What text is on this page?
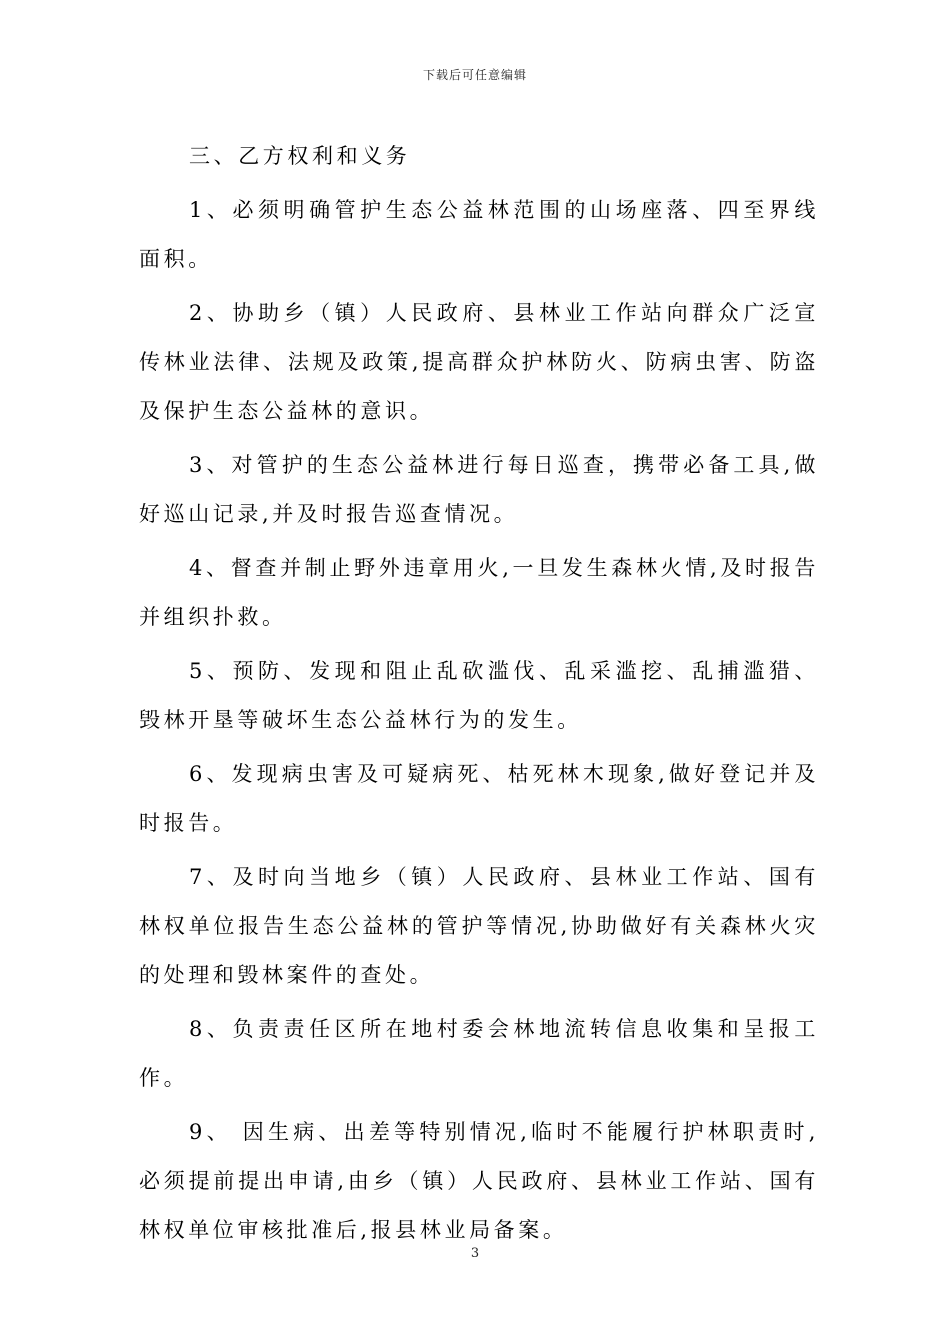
下载后可任意编辑

三、乙方权利和义务

1、必须明确管护生态公益林范围的山场座落、四至界线面积。

2、协助乡（镇）人民政府、县林业工作站向群众广泛宣传林业法律、法规及政策,提高群众护林防火、防病虫害、防盗及保护生态公益林的意识。

3、对管护的生态公益林进行每日巡查，携带必备工具,做好巡山记录,并及时报告巡查情况。

4、督查并制止野外违章用火,一旦发生森林火情,及时报告并组织扑救。

5、预防、发现和阻止乱砍滥伐、乱采滥挖、乱捕滥猎、毁林开垦等破坏生态公益林行为的发生。

6、发现病虫害及可疑病死、枯死林木现象,做好登记并及时报告。

7、及时向当地乡（镇）人民政府、县林业工作站、国有林权单位报告生态公益林的管护等情况,协助做好有关森林火灾的处理和毁林案件的查处。

8、负责责任区所在地村委会林地流转信息收集和呈报工作。

9、 因生病、出差等特别情况,临时不能履行护林职责时,必须提前提出申请,由乡（镇）人民政府、县林业工作站、国有林权单位审核批准后,报县林业局备案。

3
